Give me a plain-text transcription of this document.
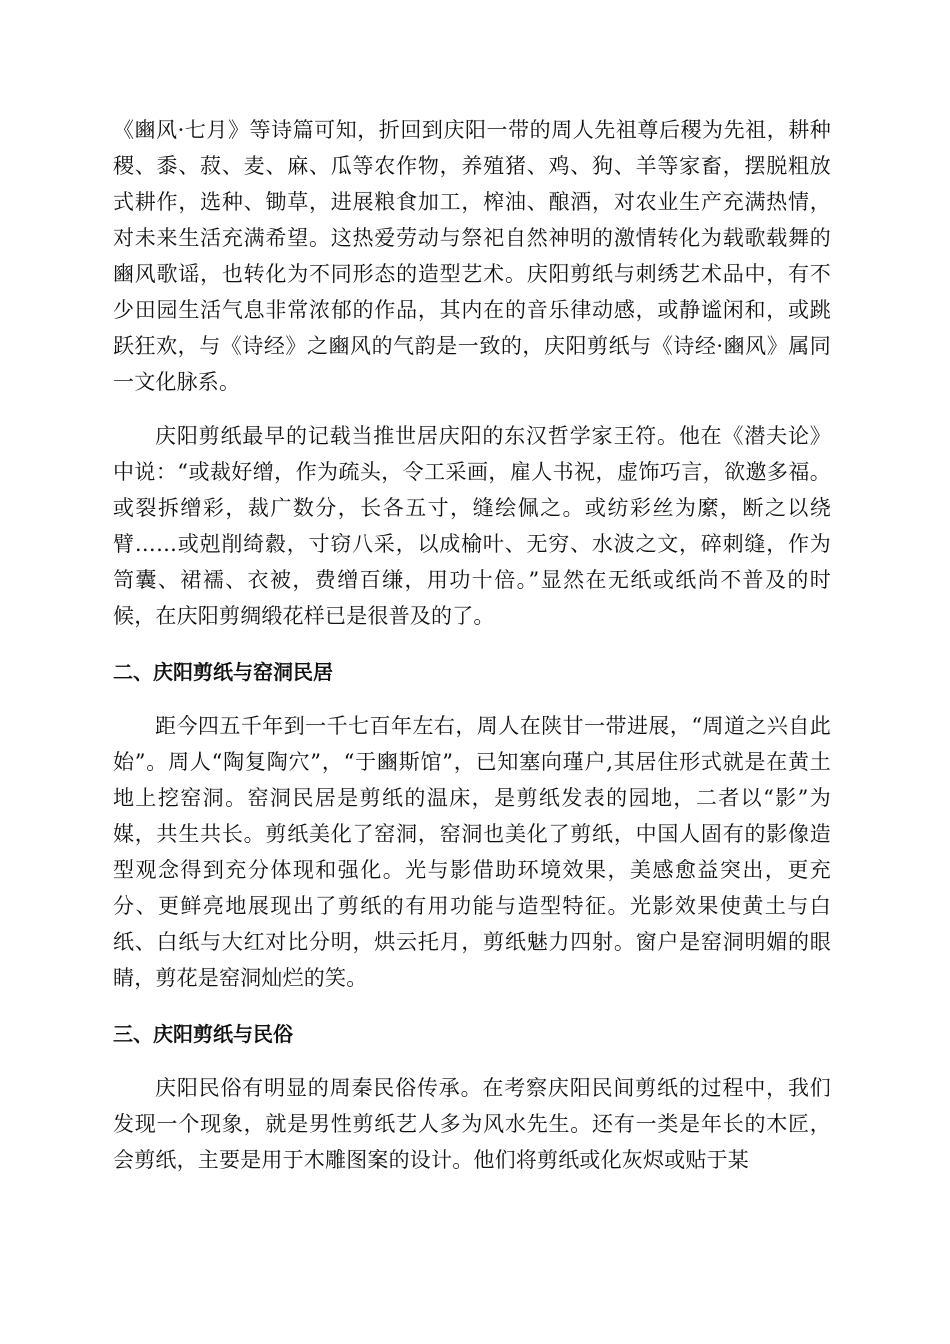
《豳风·七月》等诗篇可知，折回到庆阳一带的周人先祖尊后稷为先祖，耕种稷、黍、菽、麦、麻、瓜等农作物，养殖猪、鸡、狗、羊等家畜，摆脱粗放式耕作，选种、锄草，进展粮食加工，榨油、酿酒，对农业生产充满热情，对未来生活充满希望。这热爱劳动与祭祀自然神明的激情转化为载歌载舞的豳风歌谣，也转化为不同形态的造型艺术。庆阳剪纸与刺绣艺术品中，有不少田园生活气息非常浓郁的作品，其内在的音乐律动感，或静谧闲和，或跳跃狂欢，与《诗经》之豳风的气韵是一致的，庆阳剪纸与《诗经·豳风》属同一文化脉系。

庆阳剪纸最早的记载当推世居庆阳的东汉哲学家王符。他在《潜夫论》中说：“或裁好缯，作为疏头，令工采画，雇人书祝，虚饰巧言，欲邀多福。或裂拆缯彩，裁广数分，长各五寸，缝绘佩之。或纺彩丝为縻，断之以绕臂……或剋削绮縠，寸窃八采，以成榆叶、无穷、水波之文，碎刺缝，作为笥囊、裙襦、衣被，费缯百缣，用功十倍。”显然在无纸或纸尚不普及的时候，在庆阳剪绸缎花样已是很普及的了。

二、庆阳剪纸与窑洞民居

距今四五千年到一千七百年左右，周人在陕甘一带进展，“周道之兴自此始”。周人“陶复陶穴”，“于豳斯馆”，已知塞向瑾户,其居住形式就是在黄土地上挖窑洞。窑洞民居是剪纸的温床，是剪纸发表的园地，二者以“影”为媒，共生共长。剪纸美化了窑洞，窑洞也美化了剪纸，中国人固有的影像造型观念得到充分体现和强化。光与影借助环境效果，美感愈益突出，更充分、更鲜亮地展现出了剪纸的有用功能与造型特征。光影效果使黄土与白纸、白纸与大红对比分明，烘云托月，剪纸魅力四射。窗户是窑洞明媚的眼睛，剪花是窑洞灿烂的笑。

三、庆阳剪纸与民俗

庆阳民俗有明显的周秦民俗传承。在考察庆阳民间剪纸的过程中，我们发现一个现象，就是男性剪纸艺人多为风水先生。还有一类是年长的木匠，会剪纸，主要是用于木雕图案的设计。他们将剪纸或化灰烬或贴于某
